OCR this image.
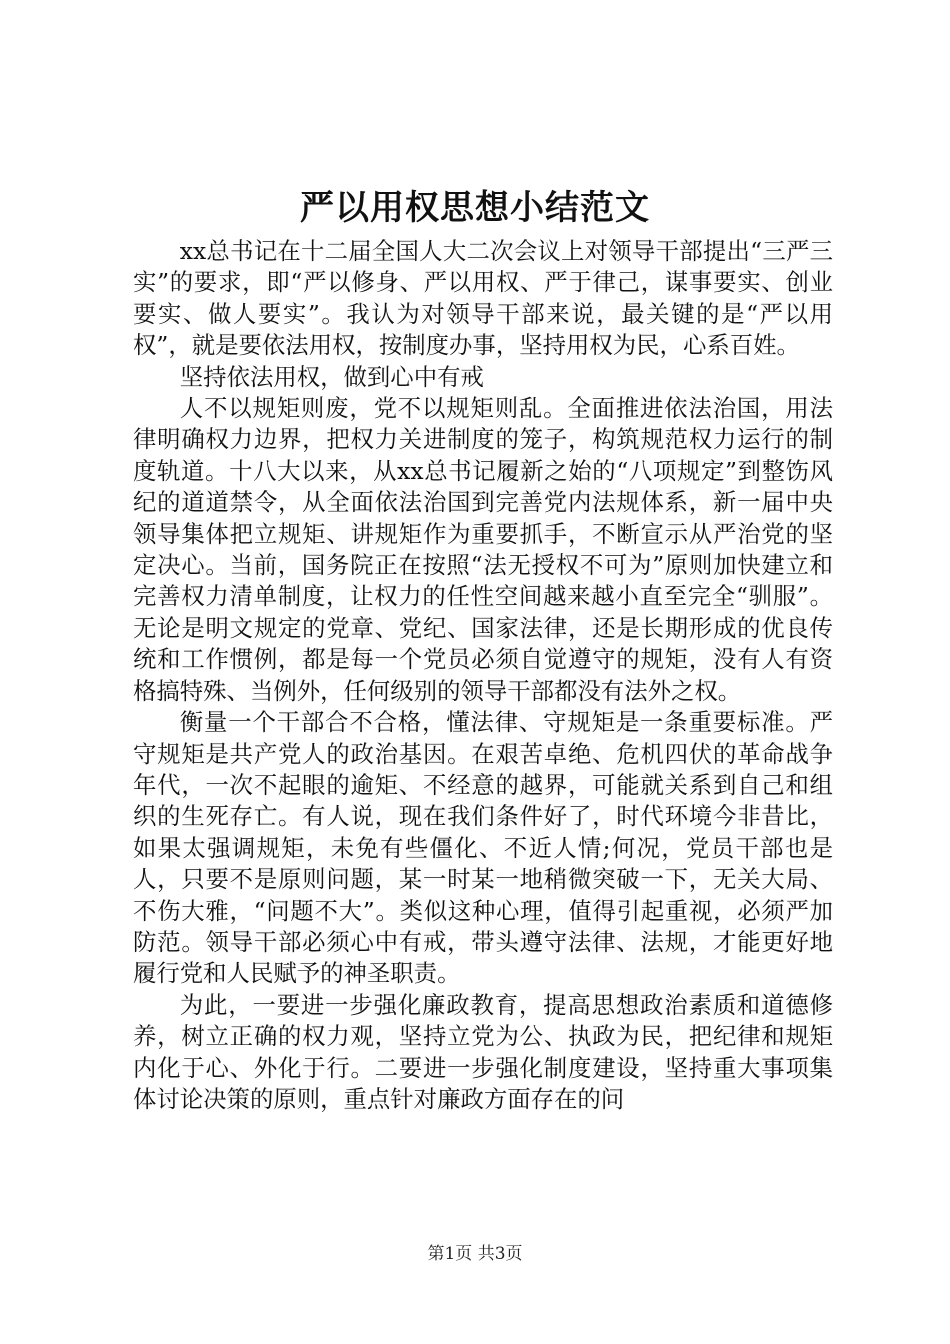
严以用权思想小结范文

xx总书记在十二届全国人大二次会议上对领导干部提出“三严三实”的要求，即“严以修身、严以用权、严于律己，谋事要实、创业要实、做人要实”。我认为对领导干部来说，最关键的是“严以用权”，就是要依法用权，按制度办事，坚持用权为民，心系百姓。

坚持依法用权，做到心中有戒

人不以规矩则废，党不以规矩则乱。全面推进依法治国，用法律明确权力边界，把权力关进制度的笼子，构筑规范权力运行的制度轨道。十八大以来，从xx总书记履新之始的“八项规定”到整饬风纪的道道禁令，从全面依法治国到完善党内法规体系，新一届中央领导集体把立规矩、讲规矩作为重要抓手，不断宣示从严治党的坚定决心。当前，国务院正在按照“法无授权不可为”原则加快建立和完善权力清单制度，让权力的任性空间越来越小直至完全“驯服”。无论是明文规定的党章、党纪、国家法律，还是长期形成的优良传统和工作惯例，都是每一个党员必须自觉遵守的规矩，没有人有资格搞特殊、当例外，任何级别的领导干部都没有法外之权。

衡量一个干部合不合格，懂法律、守规矩是一条重要标准。严守规矩是共产党人的政治基因。在艰苦卓绝、危机四伏的革命战争年代，一次不起眼的逾矩、不经意的越界，可能就关系到自己和组织的生死存亡。有人说，现在我们条件好了，时代环境今非昔比，如果太强调规矩，未免有些僵化、不近人情;何况，党员干部也是人，只要不是原则问题，某一时某一地稍微突破一下，无关大局、不伤大雅，“问题不大”。类似这种心理，值得引起重视，必须严加防范。领导干部必须心中有戒，带头遵守法律、法规，才能更好地履行党和人民赋予的神圣职责。

为此，一要进一步强化廉政教育，提高思想政治素质和道德修养，树立正确的权力观，坚持立党为公、执政为民，把纪律和规矩内化于心、外化于行。二要进一步强化制度建设，坚持重大事项集体讨论决策的原则，重点针对廉政方面存在的问

第1页 共3页
